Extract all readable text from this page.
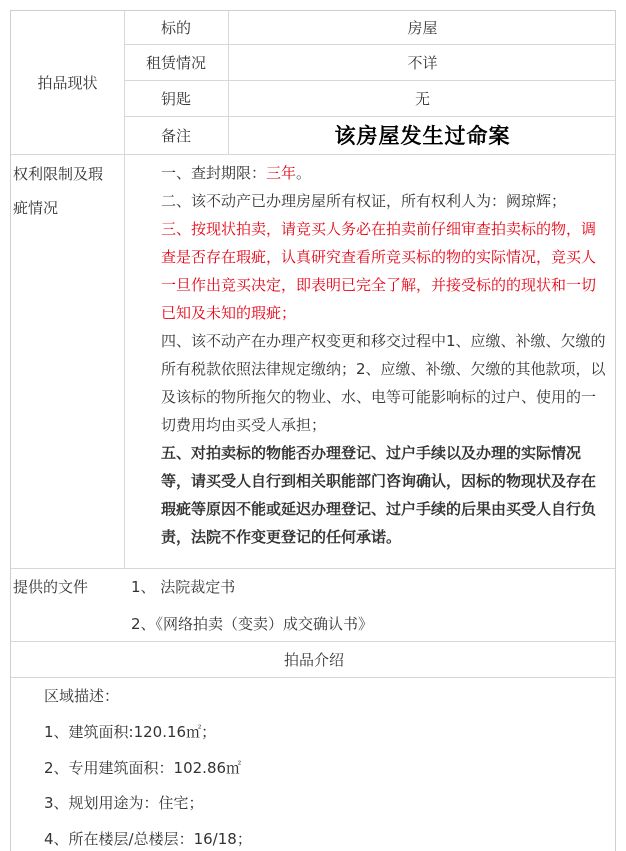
拍品现状
标的	房屋
租赁情况	不详
钥匙	无
备注	该房屋发生过命案
权利限制及瑕
疵情况

一、查封期限：三年。

二、该不动产已办理房屋所有权证，所有权利人为：阙琼辉；

三、按现状拍卖，请竞买人务必在拍卖前仔细审查拍卖标的物，调查是否存在瑕疵，认真研究查看所竞买标的物的实际情况，竞买人一旦作出竞买决定，即表明已完全了解，并接受标的的现状和一切已知及未知的瑕疵；

四、该不动产在办理产权变更和移交过程中1、应缴、补缴、欠缴的所有税款依照法律规定缴纳；2、应缴、补缴、欠缴的其他款项，以及该标的物所拖欠的物业、水、电等可能影响标的过户、使用的一切费用均由买受人承担；

五、对拍卖标的物能否办理登记、过户手续以及办理的实际情况等，请买受人自行到相关职能部门咨询确认，因标的物现状及存在瑕疵等原因不能或延迟办理登记、过户手续的后果由买受人自行负责，法院不作变更登记的任何承诺。

提供的文件	1、 法院裁定书
2、《网络拍卖（变卖）成交确认书》
拍品介绍
区域描述：
1、建筑面积:120.16㎡；
2、专用建筑面积：102.86㎡
3、规划用途为：住宅；
4、所在楼层/总楼层：16/18；
